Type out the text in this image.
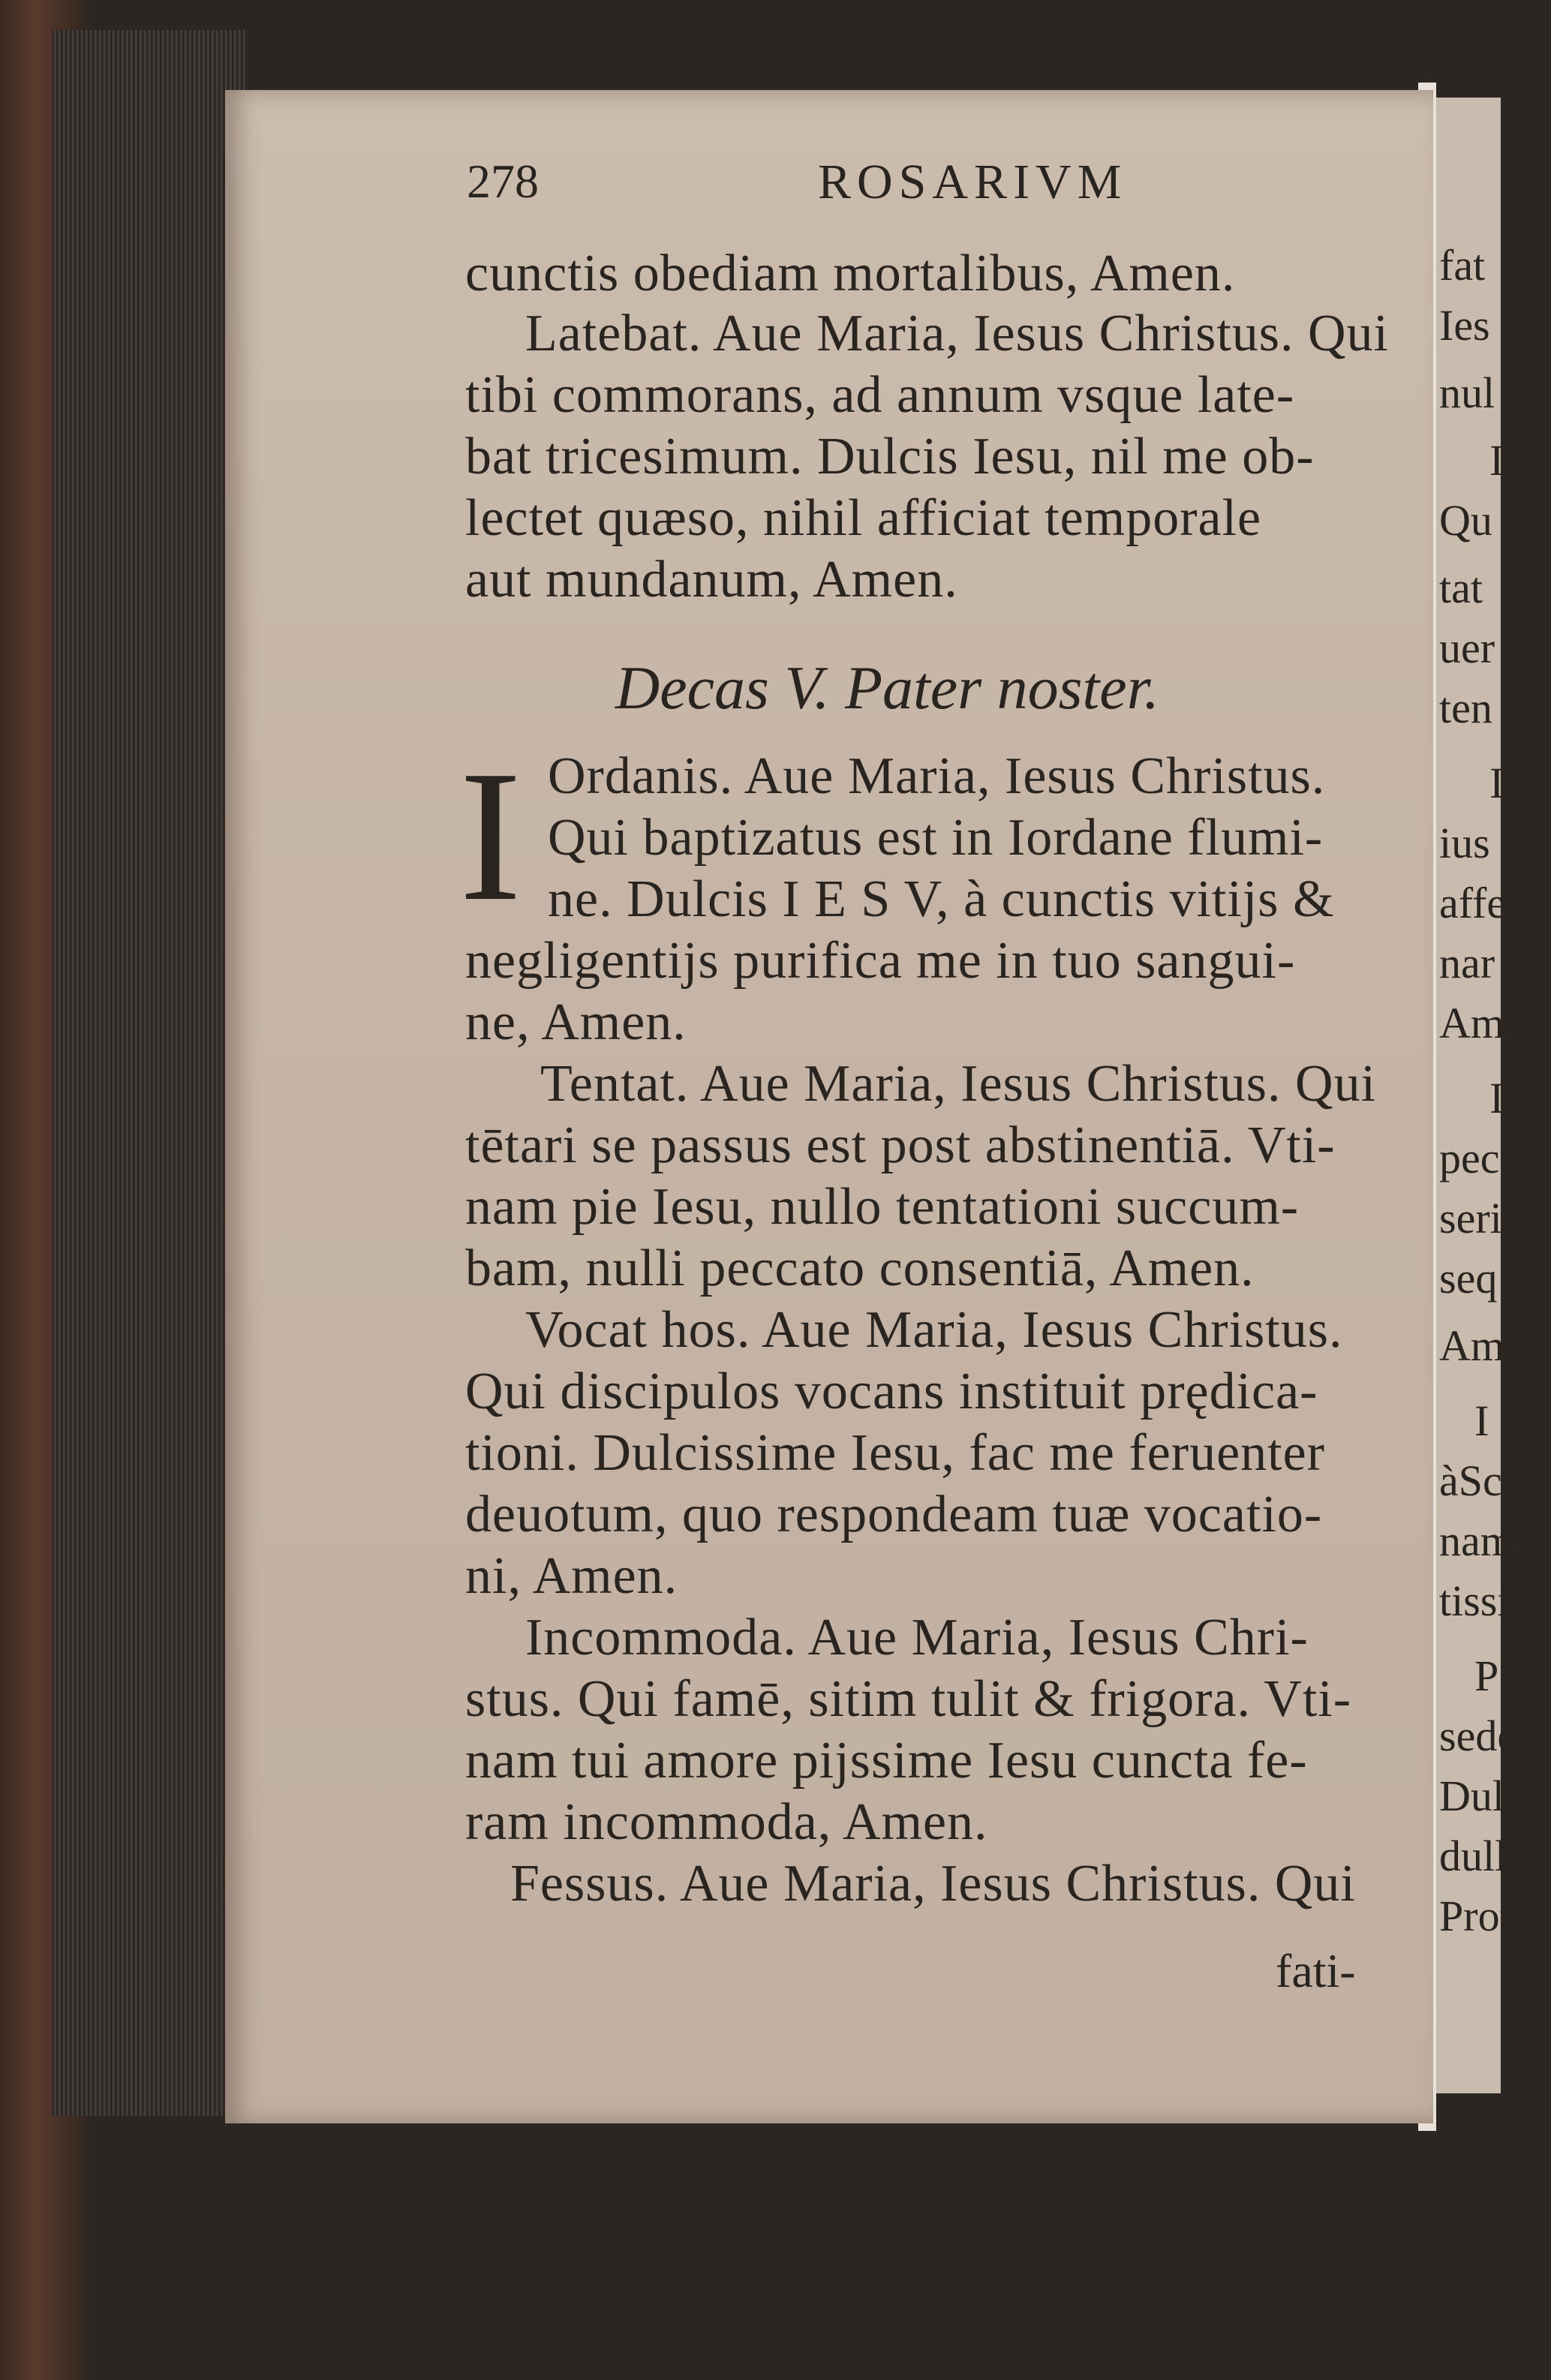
278	ROSARIVM
cunctis obediam mortalibus, Amen.
Latebat. Aue Maria, Iesus Christus. Qui
tibi commorans, ad annum vsque late-
bat tricesimum. Dulcis Iesu, nil me ob-
lectet quæso, nihil afficiat temporale
aut mundanum, Amen.
Decas V. Pater noster.
I Ordanis. Aue Maria, Iesus Christus.
Qui baptizatus est in Iordane flumi-
ne. Dulcis I E S V, à cunctis vitijs &
negligentijs purifica me in tuo sangui-
ne, Amen.
Tentat. Aue Maria, Iesus Christus. Qui
tētari se passus est post abstinentiā. Vti-
nam pie Iesu, nullo tentationi succum-
bam, nulli peccato consentiā, Amen.
Vocat hos. Aue Maria, Iesus Christus.
Qui discipulos vocans instituit prędica-
tioni. Dulcissime Iesu, fac me feruenter
deuotum, quo respondeam tuæ vocatio-
ni, Amen.
Incommoda. Aue Maria, Iesus Chri-
stus. Qui famē, sitim tulit & frigora. Vti-
nam tui amore pijssime Iesu cuncta fe-
ram incommoda, Amen.
Fessus. Aue Maria, Iesus Christus. Qui
fati-
fat
Ies
nul
I
Qu
tat
uer
ten
I
ius
affe
nar
Am
I
pec
seri
seq
Am
I
àSc
nam
tissi
P
sedē
Dul
dull
Prot
